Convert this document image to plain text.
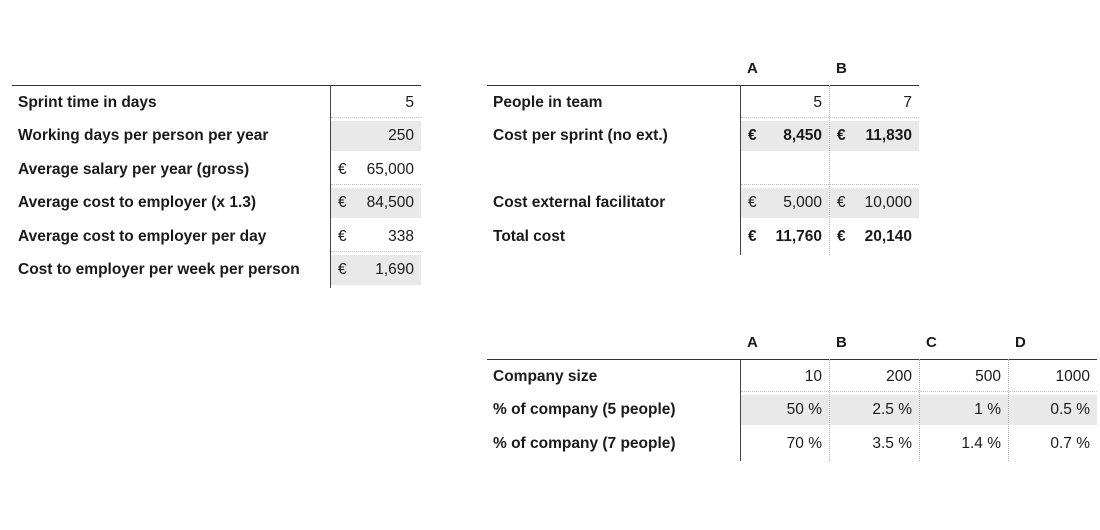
Sprint time in days	5
Working days per person per year	250
Average salary per year (gross)	€ 65,000
Average cost to employer (x 1.3)	€ 84,500
Average cost to employer per day	€	338
Cost to employer per week per person € 1,690
A	B
People in team	5	7
Cost per sprint (no ext.)	€ 8,450 € 11,830
Cost external facilitator	€ 5,000 € 10,000
Total cost	€ 11,760 € 20,140
A	B	C	D
Company size	10	200	500	1000
% of company (5 people)	50 %	2.5 %	1 %	0.5 %
% of company (7 people)	70 %	3.5 %	1.4 %	0.7 %
